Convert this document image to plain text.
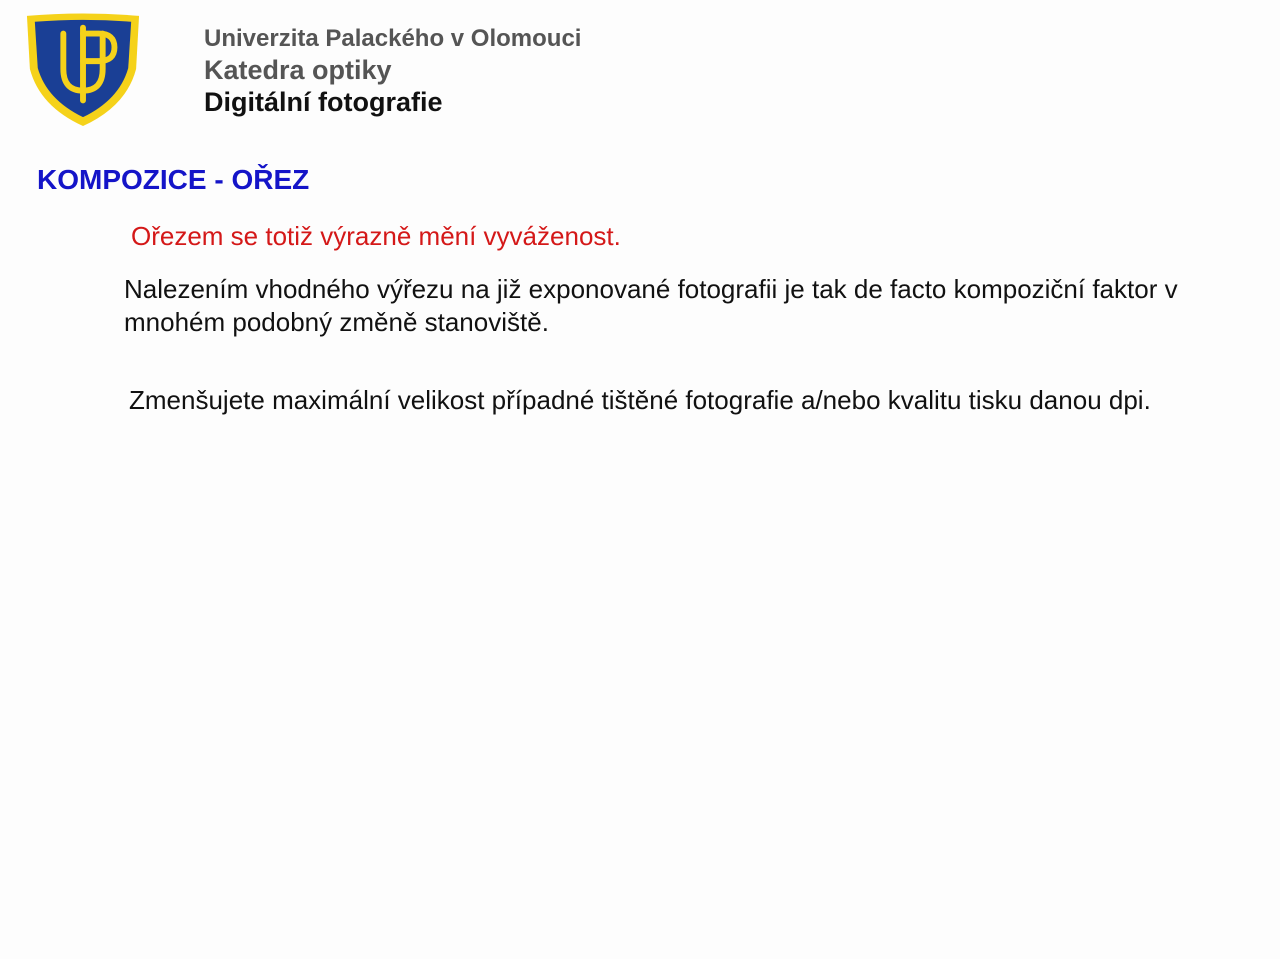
UP
Univerzita Palackého v Olomouci
Katedra optiky
Digitální fotografie
KOMPOZICE - OŘEZ
Ořezem se totiž výrazně mění vyváženost.
Nalezením vhodného výřezu na již exponované fotografii je tak de facto kompoziční faktor v mnohém podobný změně stanoviště.
Zmenšujete maximální velikost případné tištěné fotografie a/nebo kvalitu tisku danou dpi.
